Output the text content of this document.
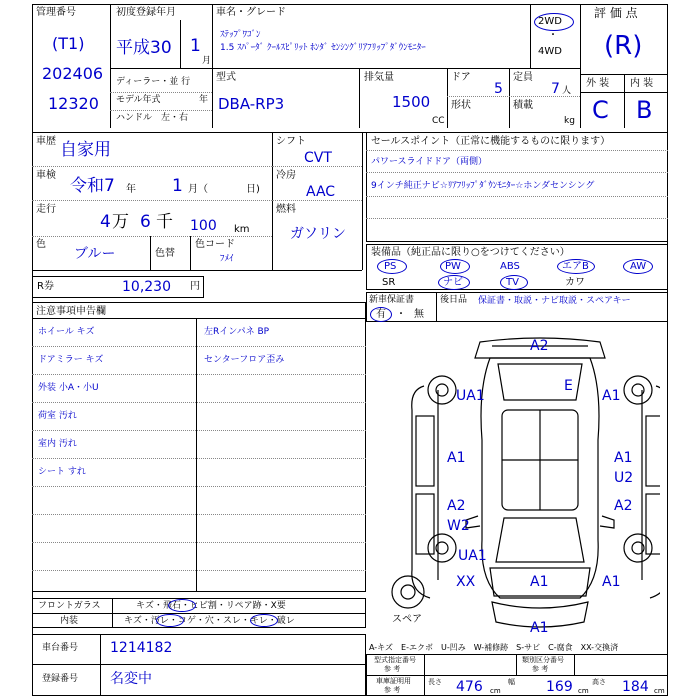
管理番号
(T1)
202406
12320
初度登録年月
平成30 1
月
車名・グレード
ｽﾃｯﾌﾟﾜｺﾞﾝ
1.5 ｽﾊﾟｰﾀﾞ ｸｰﾙｽﾋﾟﾘｯﾄ ﾎﾝﾀﾞ ｾﾝｼﾝｸﾞﾘｱﾌﾘｯﾌﾟﾀﾞｳﾝﾓﾆﾀｰ
2WD
・
4WD
評 価 点
(R)
ディーラー・並 行
モデル年式	年
ハンドル　左・右
型式
DBA-RP3
排気量
1500
CC
ドア
5
形状
定員
7 人
積載
kg
外 装 内 装
C B
車歴 自家用
車検
令和7 年 1 月（	日)
走行
4 万 6 千 100 km
色
ブルー	色替
色コード
ﾌﾒｲ
シフト
CVT
冷房
AAC
燃料
ガソリン
R券	10,230 円
セールスポイント（正常に機能するものに限ります）
パワースライドドア（両側）
9インチ純正ナビ☆ﾘｱﾌﾘｯﾌﾟﾀﾞｳﾝﾓﾆﾀｰ☆ホンダセンシング
装備品（純正品に限り○をつけてください）
PS	PW	ABS	エアB	AW
SR	ナビ	TV	カワ
新車保証書
有 ・ 無
後日品 保証書・取説・ナビ取説・スペアキー
注意事項申告欄
ホイール キズ
ドアミラー キズ
外装 小A・小U
荷室 汚れ
室内 汚れ
シート すれ
左Rインパネ BP
センターフロア歪み
フロントガラス	キズ・飛石・ヒビ割・リペア跡・X要
内装	キズ・汚レ・コゲ・穴・スレ・キレ・破レ
車台番号 1214182
登録番号 名変中
A2
E
UA1	A1
A1	A1
U2
A2
W2
A2
UA1
XX	A1	A1
A1
スペア
A-キズ　E-エクボ　U-凹み　W-補修跡　S-サビ　C-腐食　XX-交換済
型式指定番号
参 考
類別区分番号
参 考
車庫証明用
参 考
長さ 476 cm
幅 169 cm
高さ 184 cm
